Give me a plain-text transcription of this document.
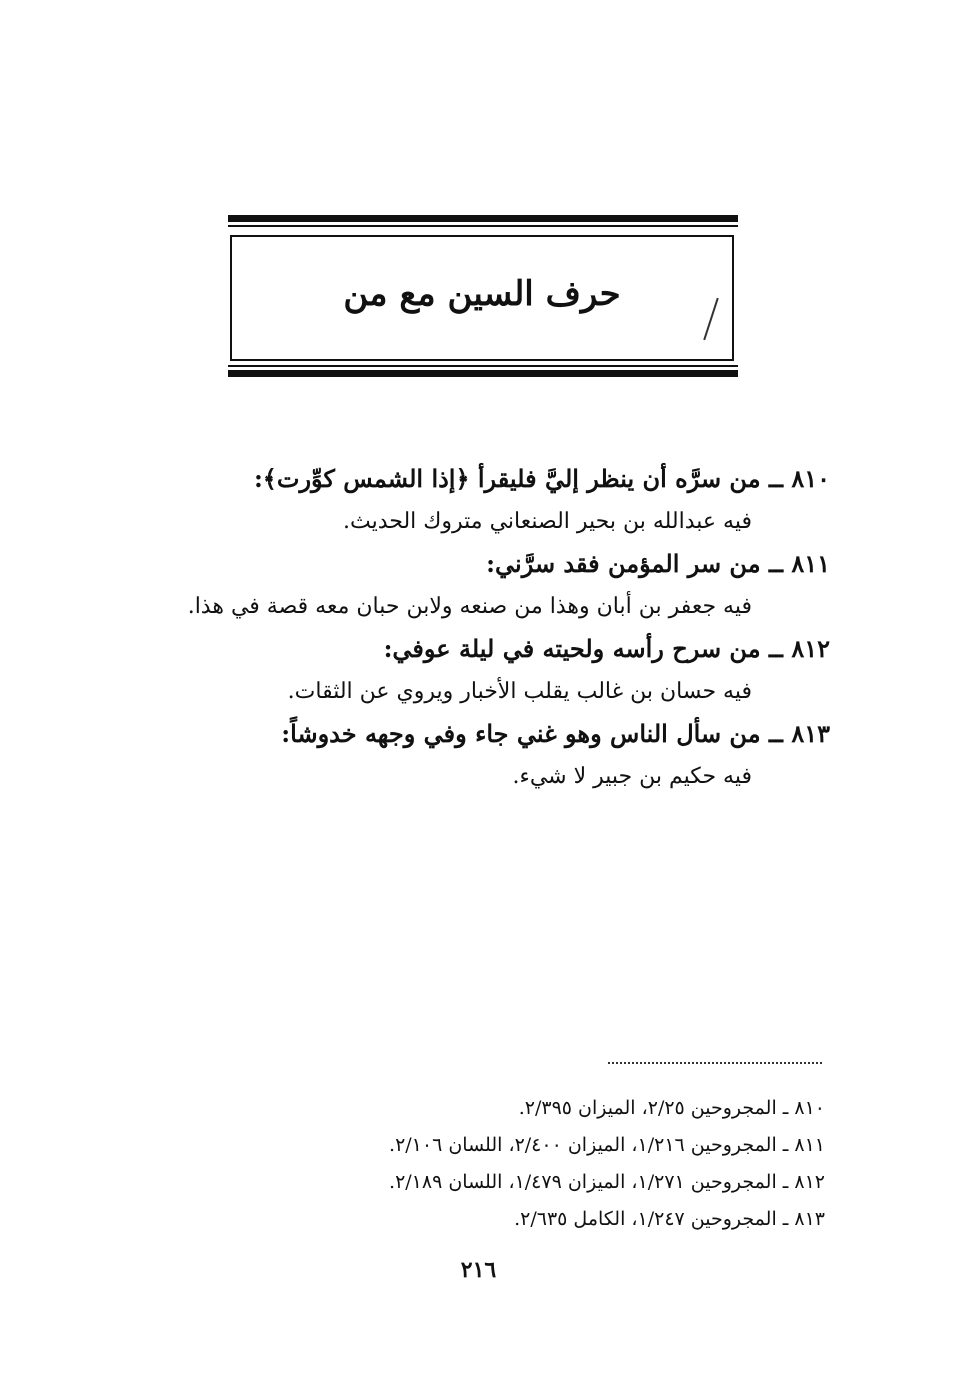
حرف السين مع من
٨١٠ ــ من سرَّه أن ينظر إليَّ فليقرأ ﴿إذا الشمس كوِّرت﴾:
فيه عبدالله بن بحير الصنعاني متروك الحديث.
٨١١ ــ من سر المؤمن فقد سرَّني:
فيه جعفر بن أبان وهذا من صنعه ولابن حبان معه قصة في هذا.
٨١٢ ــ من سرح رأسه ولحيته في ليلة عوفي:
فيه حسان بن غالب يقلب الأخبار ويروي عن الثقات.
٨١٣ ــ من سأل الناس وهو غني جاء وفي وجهه خدوشاً:
فيه حكيم بن جبير لا شيء.
٨١٠ ـ المجروحين ٢/٢٥، الميزان ٢/٣٩٥.
٨١١ ـ المجروحين ١/٢١٦، الميزان ٢/٤٠٠، اللسان ٢/١٠٦.
٨١٢ ـ المجروحين ١/٢٧١، الميزان ١/٤٧٩، اللسان ٢/١٨٩.
٨١٣ ـ المجروحين ١/٢٤٧، الكامل ٢/٦٣٥.
٢١٦
